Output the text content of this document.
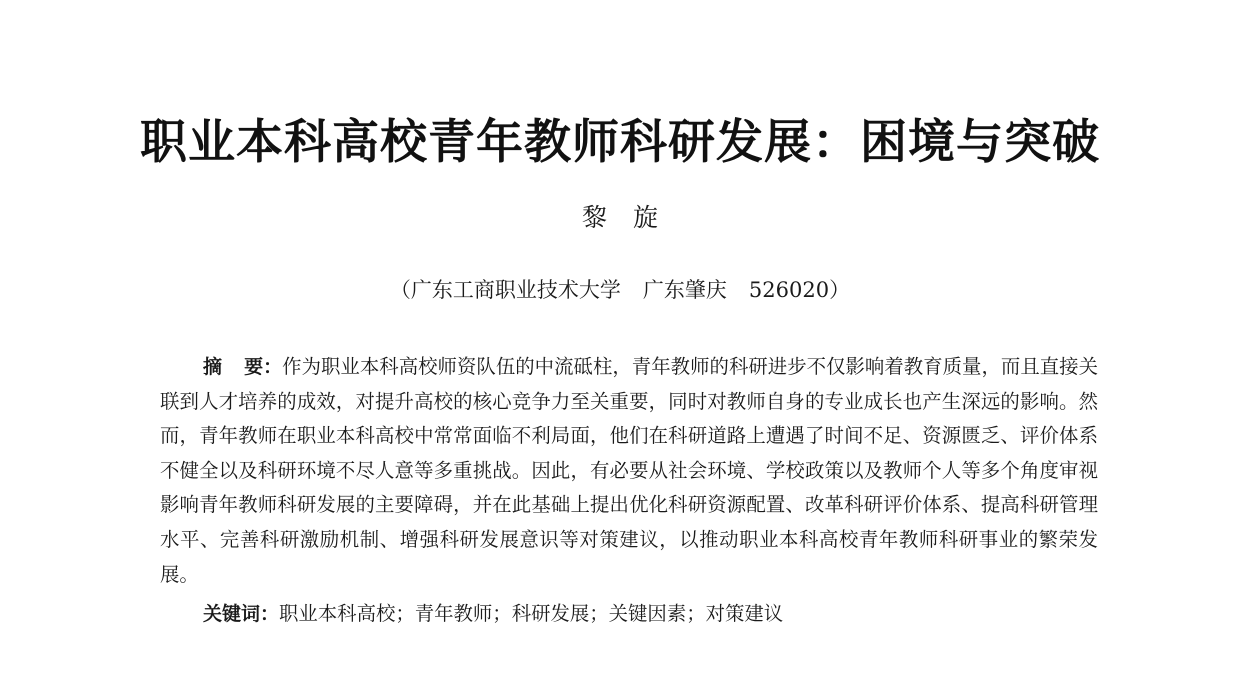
职业本科高校青年教师科研发展：困境与突破
黎旋
（广东工商职业技术大学 广东肇庆 526020）
摘 要：作为职业本科高校师资队伍的中流砥柱，青年教师的科研进步不仅影响着教育质量，而且直接关联到人才培养的成效，对提升高校的核心竞争力至关重要，同时对教师自身的专业成长也产生深远的影响。然而，青年教师在职业本科高校中常常面临不利局面，他们在科研道路上遭遇了时间不足、资源匮乏、评价体系不健全以及科研环境不尽人意等多重挑战。因此，有必要从社会环境、学校政策以及教师个人等多个角度审视影响青年教师科研发展的主要障碍，并在此基础上提出优化科研资源配置、改革科研评价体系、提高科研管理水平、完善科研激励机制、增强科研发展意识等对策建议，以推动职业本科高校青年教师科研事业的繁荣发展。
关键词：职业本科高校；青年教师；科研发展；关键因素；对策建议
